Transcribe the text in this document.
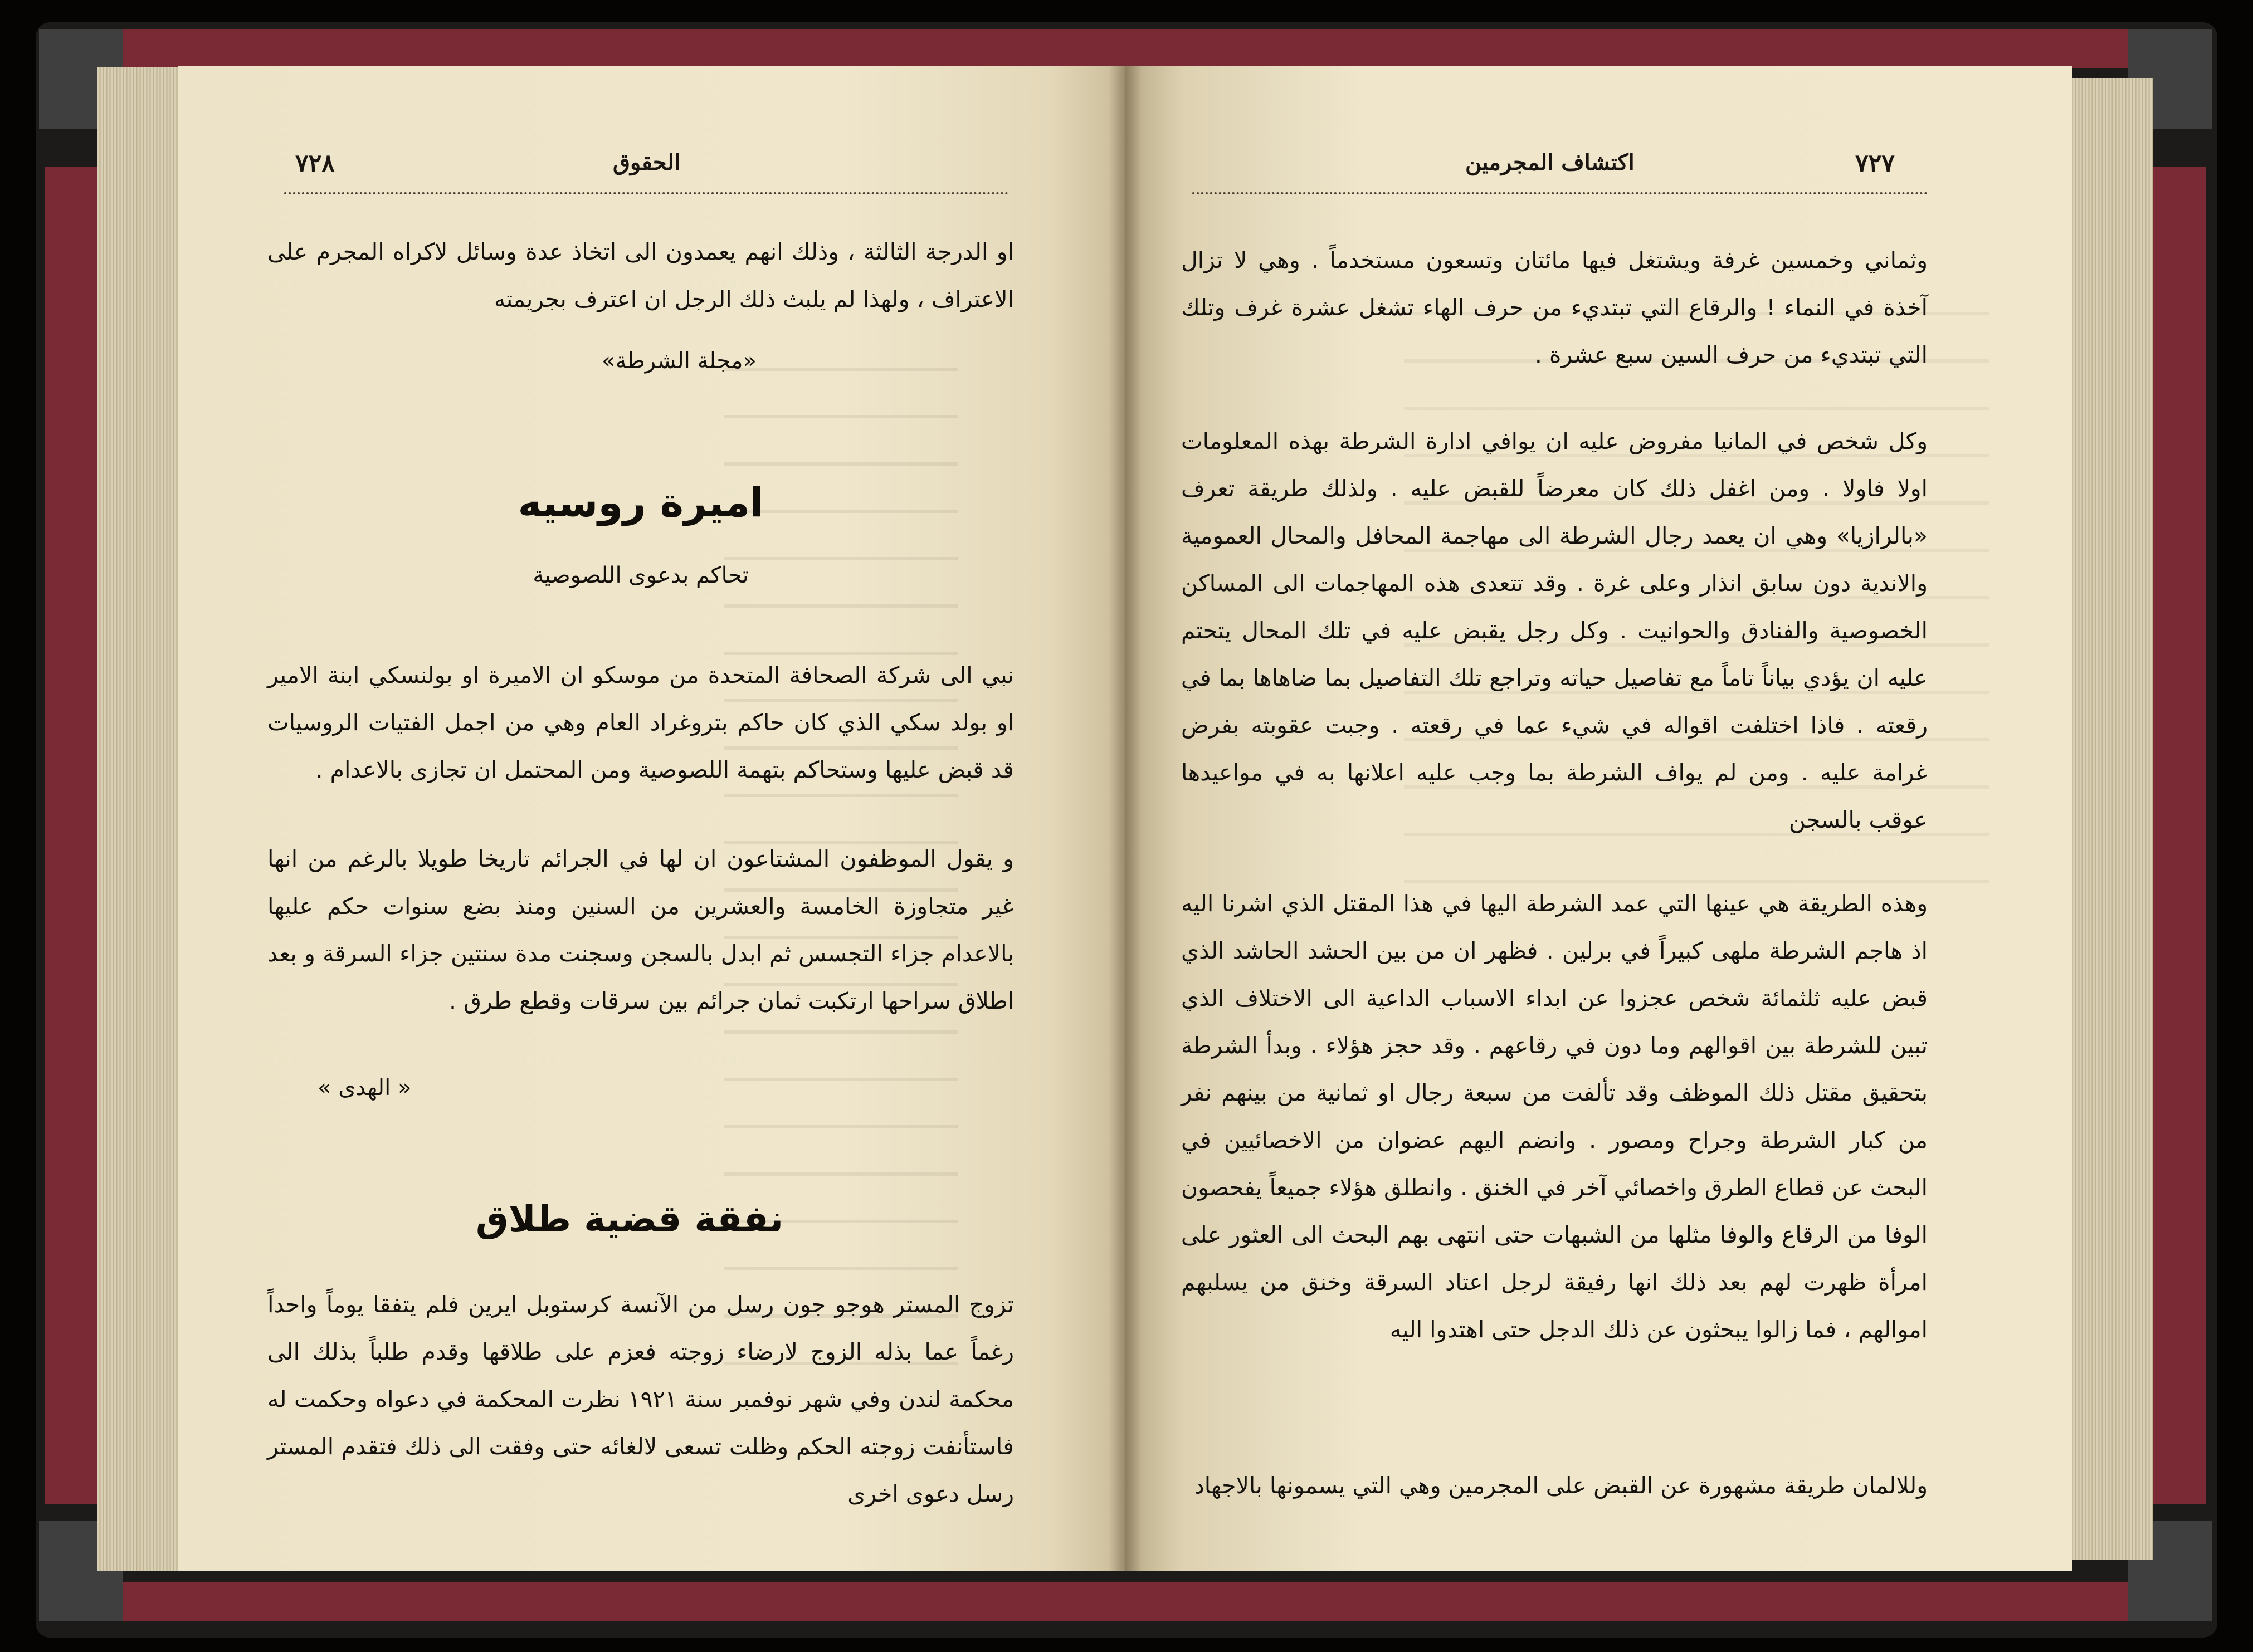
٧٢٨	الحقوق
او الدرجة الثالثة ، وذلك انهم يعمدون الى اتخاذ عدة وسائل لاكراه المجرم على الاعتراف ، ولهذا لم يلبث ذلك الرجل ان اعترف بجريمته
«مجلة الشرطة»
اميرة روسيه
تحاكم بدعوى اللصوصية
نبي الى شركة الصحافة المتحدة من موسكو ان الاميرة او بولنسكي ابنة الامير او بولد سكي الذي كان حاكم بتروغراد العام وهي من اجمل الفتيات الروسيات قد قبض عليها وستحاكم بتهمة اللصوصية ومن المحتمل ان تجازى بالاعدام .
و يقول الموظفون المشتاعون ان لها في الجرائم تاريخا طويلا بالرغم من انها غير متجاوزة الخامسة والعشرين من السنين ومنذ بضع سنوات حكم عليها بالاعدام جزاء التجسس ثم ابدل بالسجن وسجنت مدة سنتين جزاء السرقة و بعد اطلاق سراحها ارتكبت ثمان جرائم بين سرقات وقطع طرق .
« الهدى »
نفقة قضية طلاق
تزوج المستر هوجو جون رسل من الآنسة كرستوبل ايرين فلم يتفقا يوماً واحداً رغماً عما بذله الزوج لارضاء زوجته فعزم على طلاقها وقدم طلباً بذلك الى محكمة لندن وفي شهر نوفمبر سنة ١٩٢١ نظرت المحكمة في دعواه وحكمت له فاستأنفت زوجته الحكم وظلت تسعى لالغائه حتى وفقت الى ذلك فتقدم المستر رسل دعوى اخرى
اكتشاف المجرمين	٧٢٧
وثماني وخمسين غرفة ويشتغل فيها مائتان وتسعون مستخدماً . وهي لا تزال آخذة في النماء ! والرقاع التي تبتديء من حرف الهاء تشغل عشرة غرف وتلك التي تبتديء من حرف السين سبع عشرة .
وكل شخص في المانيا مفروض عليه ان يوافي ادارة الشرطة بهذه المعلومات اولا فاولا . ومن اغفل ذلك كان معرضاً للقبض عليه . ولذلك طريقة تعرف «بالرازيا» وهي ان يعمد رجال الشرطة الى مهاجمة المحافل والمحال العمومية والاندية دون سابق انذار وعلى غرة . وقد تتعدى هذه المهاجمات الى المساكن الخصوصية والفنادق والحوانيت . وكل رجل يقبض عليه في تلك المحال يتحتم عليه ان يؤدي بياناً تاماً مع تفاصيل حياته وتراجع تلك التفاصيل بما ضاهاها بما في رقعته . فاذا اختلفت اقواله في شيء عما في رقعته . وجبت عقوبته بفرض غرامة عليه . ومن لم يواف الشرطة بما وجب عليه اعلانها به في مواعيدها عوقب بالسجن
وهذه الطريقة هي عينها التي عمد الشرطة اليها في هذا المقتل الذي اشرنا اليه اذ هاجم الشرطة ملهى كبيراً في برلين . فظهر ان من بين الحشد الحاشد الذي قبض عليه ثلثمائة شخص عجزوا عن ابداء الاسباب الداعية الى الاختلاف الذي تبين للشرطة بين اقوالهم وما دون في رقاعهم . وقد حجز هؤلاء . وبدأ الشرطة بتحقيق مقتل ذلك الموظف وقد تألفت من سبعة رجال او ثمانية من بينهم نفر من كبار الشرطة وجراح ومصور . وانضم اليهم عضوان من الاخصائيين في البحث عن قطاع الطرق واخصائي آخر في الخنق . وانطلق هؤلاء جميعاً يفحصون الوفا من الرقاع والوفا مثلها من الشبهات حتى انتهى بهم البحث الى العثور على امرأة ظهرت لهم بعد ذلك انها رفيقة لرجل اعتاد السرقة وخنق من يسلبهم اموالهم ، فما زالوا يبحثون عن ذلك الدجل حتى اهتدوا اليه
وللالمان طريقة مشهورة عن القبض على المجرمين وهي التي يسمونها بالاجهاد
